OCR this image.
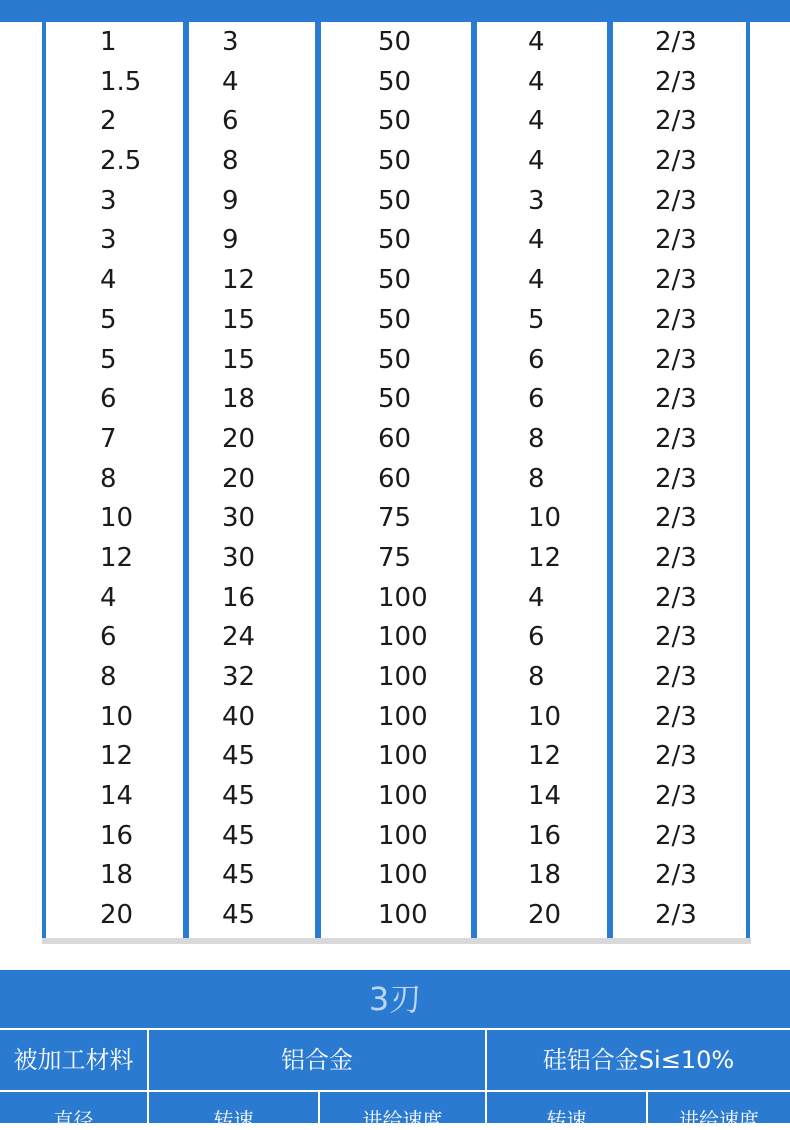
1	3	50	4	2/3
1.5	4	50	4	2/3
2	6	50	4	2/3
2.5	8	50	4	2/3
3	9	50	3	2/3
3	9	50	4	2/3
4	12	50	4	2/3
5	15	50	5	2/3
5	15	50	6	2/3
6	18	50	6	2/3
7	20	60	8	2/3
8	20	60	8	2/3
10	30	75	10	2/3
12	30	75	12	2/3
4	16	100	4	2/3
6	24	100	6	2/3
8	32	100	8	2/3
10	40	100	10	2/3
12	45	100	12	2/3
14	45	100	14	2/3
16	45	100	16	2/3
18	45	100	18	2/3
20	45	100	20	2/3
3刃
被加工材料	铝合金	硅铝合金Si≤10%
直径	转速	进给速度	转速	进给速度
